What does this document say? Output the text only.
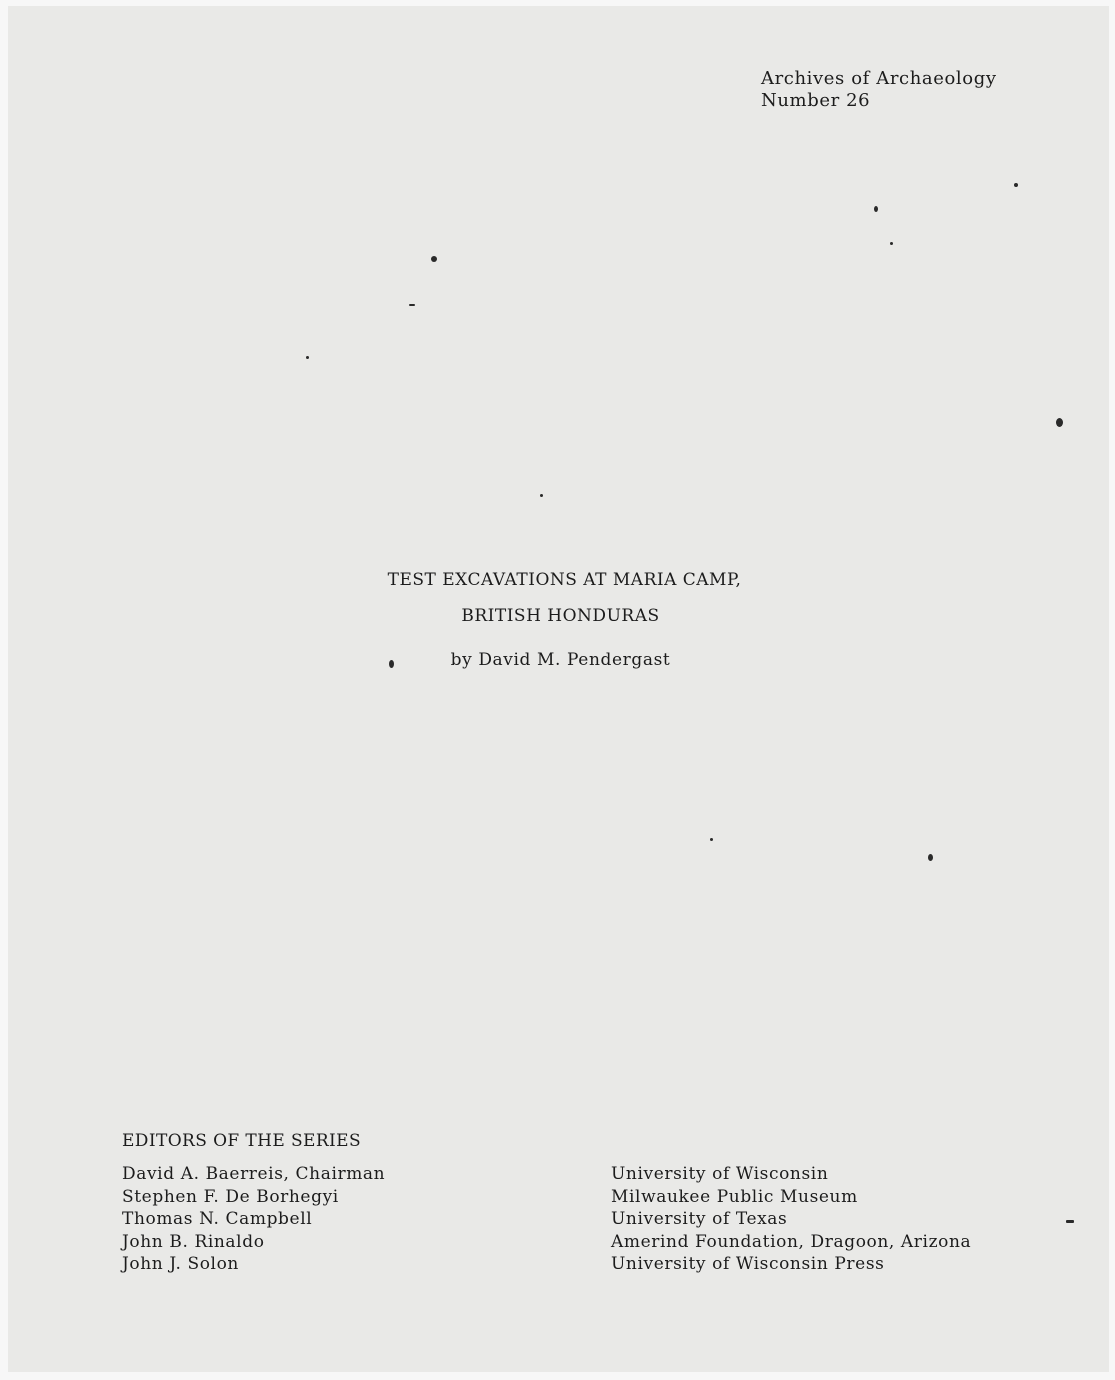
Archives of Archaeology
Number 26
TEST EXCAVATIONS AT MARIA CAMP,
BRITISH HONDURAS
by David M. Pendergast
EDITORS OF THE SERIES
David A. Baerreis, Chairman
Stephen F. De Borhegyi
Thomas N. Campbell
John B. Rinaldo
John J. Solon
University of Wisconsin
Milwaukee Public Museum
University of Texas
Amerind Foundation, Dragoon, Arizona
University of Wisconsin Press
